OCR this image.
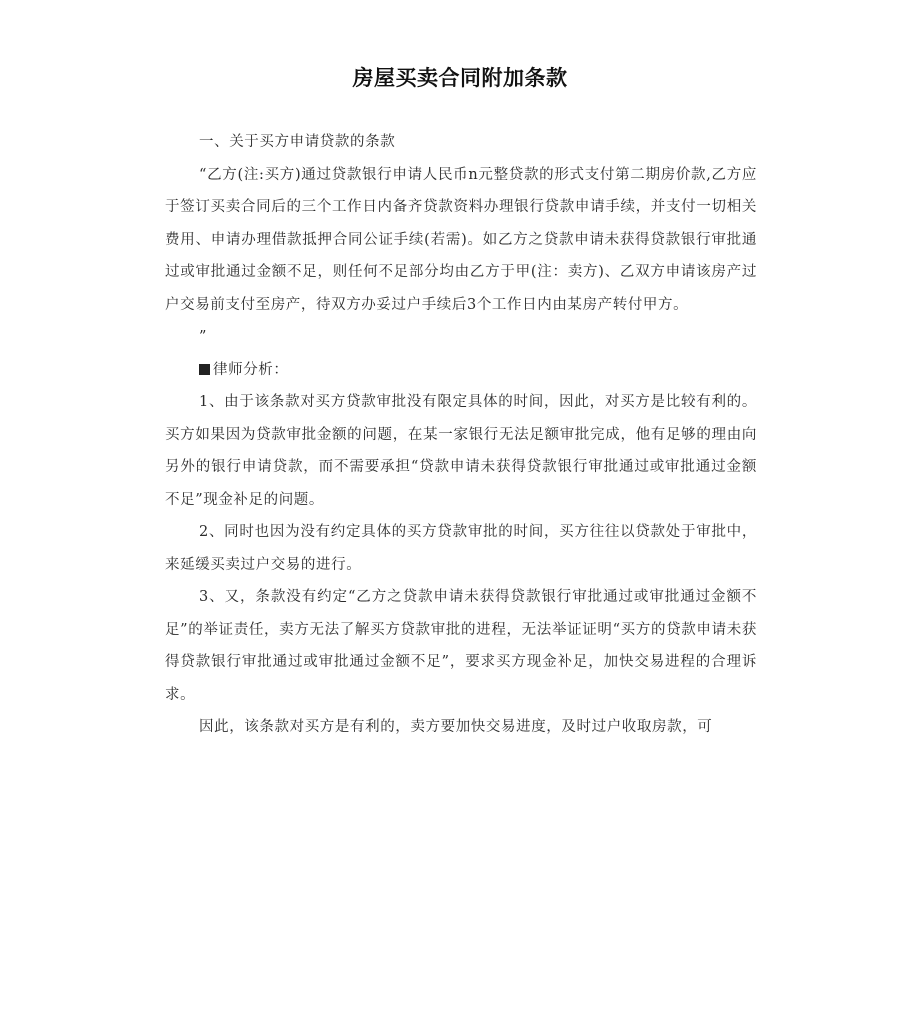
房屋买卖合同附加条款

一、关于买方申请贷款的条款

“乙方(注:买方)通过贷款银行申请人民币n元整贷款的形式支付第二期房价款,乙方应于签订买卖合同后的三个工作日内备齐贷款资料办理银行贷款申请手续，并支付一切相关费用、申请办理借款抵押合同公证手续(若需)。如乙方之贷款申请未获得贷款银行审批通过或审批通过金额不足，则任何不足部分均由乙方于甲(注：卖方)、乙双方申请该房产过户交易前支付至房产，待双方办妥过户手续后3个工作日内由某房产转付甲方。

”

律师分析：

1、由于该条款对买方贷款审批没有限定具体的时间，因此，对买方是比较有利的。买方如果因为贷款审批金额的问题，在某一家银行无法足额审批完成，他有足够的理由向另外的银行申请贷款，而不需要承担“贷款申请未获得贷款银行审批通过或审批通过金额不足”现金补足的问题。

2、同时也因为没有约定具体的买方贷款审批的时间，买方往往以贷款处于审批中，来延缓买卖过户交易的进行。

3、又，条款没有约定“乙方之贷款申请未获得贷款银行审批通过或审批通过金额不足”的举证责任，卖方无法了解买方贷款审批的进程，无法举证证明“买方的贷款申请未获得贷款银行审批通过或审批通过金额不足”，要求买方现金补足，加快交易进程的合理诉求。

因此，该条款对买方是有利的，卖方要加快交易进度，及时过户收取房款，可
